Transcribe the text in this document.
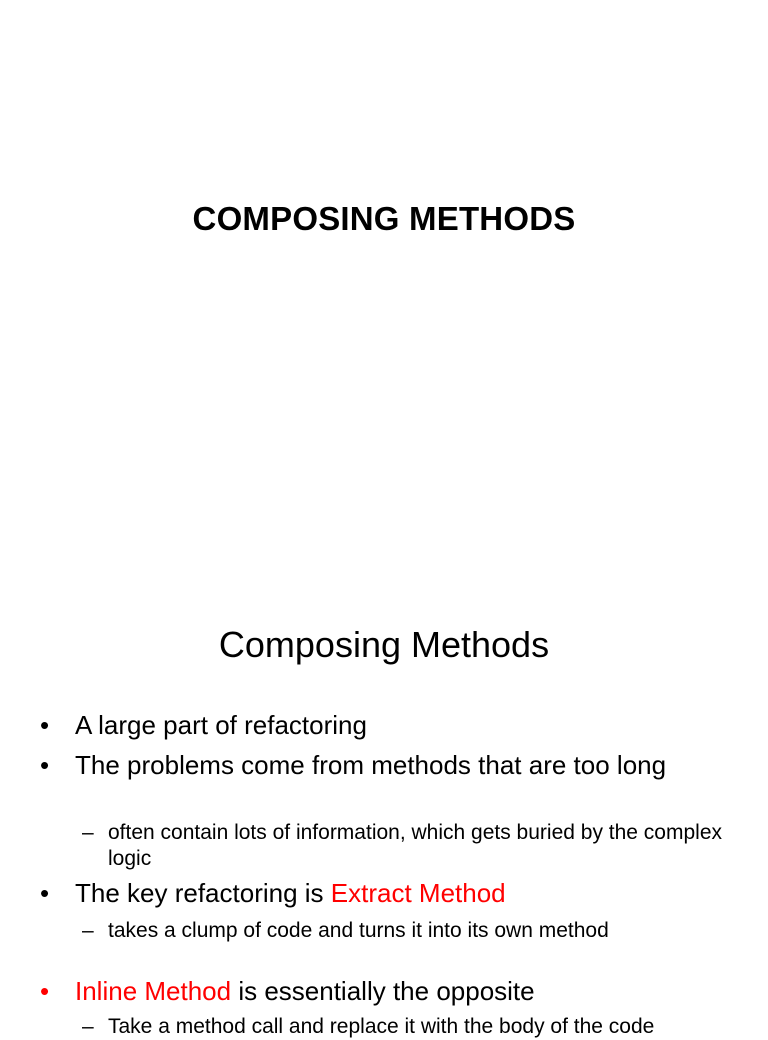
COMPOSING METHODS
Composing Methods
• A large part of refactoring
• The problems come from methods that are too long
– often contain lots of information, which gets buried by the complex logic
• The key refactoring is Extract Method
– takes a clump of code and turns it into its own method
• Inline Method is essentially the opposite
– Take a method call and replace it with the body of the code
